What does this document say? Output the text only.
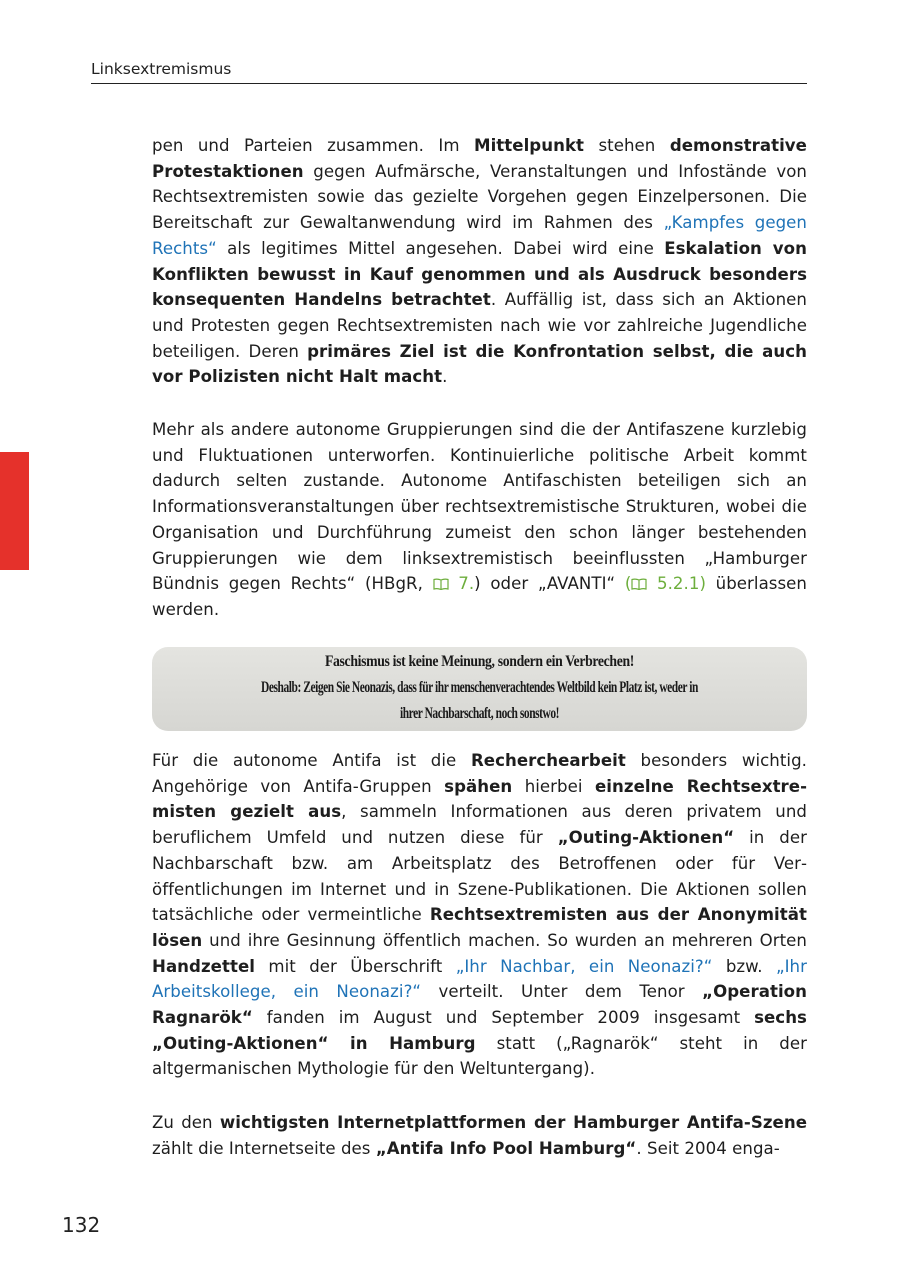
Linksextremismus

pen und Parteien zusammen. Im Mittelpunkt stehen demonstrative Protestaktionen gegen Aufmärsche, Veranstaltungen und Infostände von Rechtsextremisten sowie das gezielte Vorgehen gegen Einzelpersonen. Die Bereitschaft zur Gewaltanwendung wird im Rahmen des „Kampfes gegen Rechts“ als legitimes Mittel angesehen. Dabei wird eine Eskalation von Konflikten bewusst in Kauf genommen und als Ausdruck besonders konsequenten Handelns betrachtet. Auffällig ist, dass sich an Aktionen und Protesten gegen Rechtsextremisten nach wie vor zahlreiche Jugendliche beteiligen. Deren primäres Ziel ist die Konfrontation selbst, die auch vor Polizisten nicht Halt macht.

Mehr als andere autonome Gruppierungen sind die der Antifaszene kurzlebig und Fluktuationen unterworfen. Kontinuierliche politische Arbeit kommt dadurch selten zustande. Autonome Antifaschisten beteiligen sich an Informationsveranstaltungen über rechtsextremistische Strukturen, wobei die Organisation und Durchführung zumeist den schon länger bestehenden Gruppierungen wie dem linksextremistisch beeinflussten „Hamburger Bündnis gegen Rechts“ (HBgR,  7.) oder „AVANTI“ ( 5.2.1) überlassen werden.

Faschismus ist keine Meinung, sondern ein Verbrechen!
Deshalb: Zeigen Sie Neonazis, dass für ihr menschenverachtendes Weltbild kein Platz ist, weder in
ihrer Nachbarschaft, noch sonstwo!

Für die autonome Antifa ist die Recherchearbeit besonders wichtig. Angehörige von Antifa-Gruppen spähen hierbei einzelne Rechtsextremisten gezielt aus, sammeln Informationen aus deren privatem und beruflichem Umfeld und nutzen diese für „Outing-Aktionen“ in der Nachbarschaft bzw. am Arbeitsplatz des Betroffenen oder für Veröffentlichungen im Internet und in Szene-Publikationen. Die Aktionen sollen tatsächliche oder vermeintliche Rechtsextremisten aus der Anonymität lösen und ihre Gesinnung öffentlich machen. So wurden an mehreren Orten Handzettel mit der Überschrift „Ihr Nachbar, ein Neonazi?“ bzw. „Ihr Arbeitskollege, ein Neonazi?“ verteilt. Unter dem Tenor „Operation Ragnarök“ fanden im August und September 2009 insgesamt sechs „Outing-Aktionen“ in Hamburg statt („Ragnarök“ steht in der altgermanischen Mythologie für den Weltuntergang).

Zu den wichtigsten Internetplattformen der Hamburger Antifa-Szene zählt die Internetseite des „Antifa Info Pool Hamburg“. Seit 2004 enga-

132
